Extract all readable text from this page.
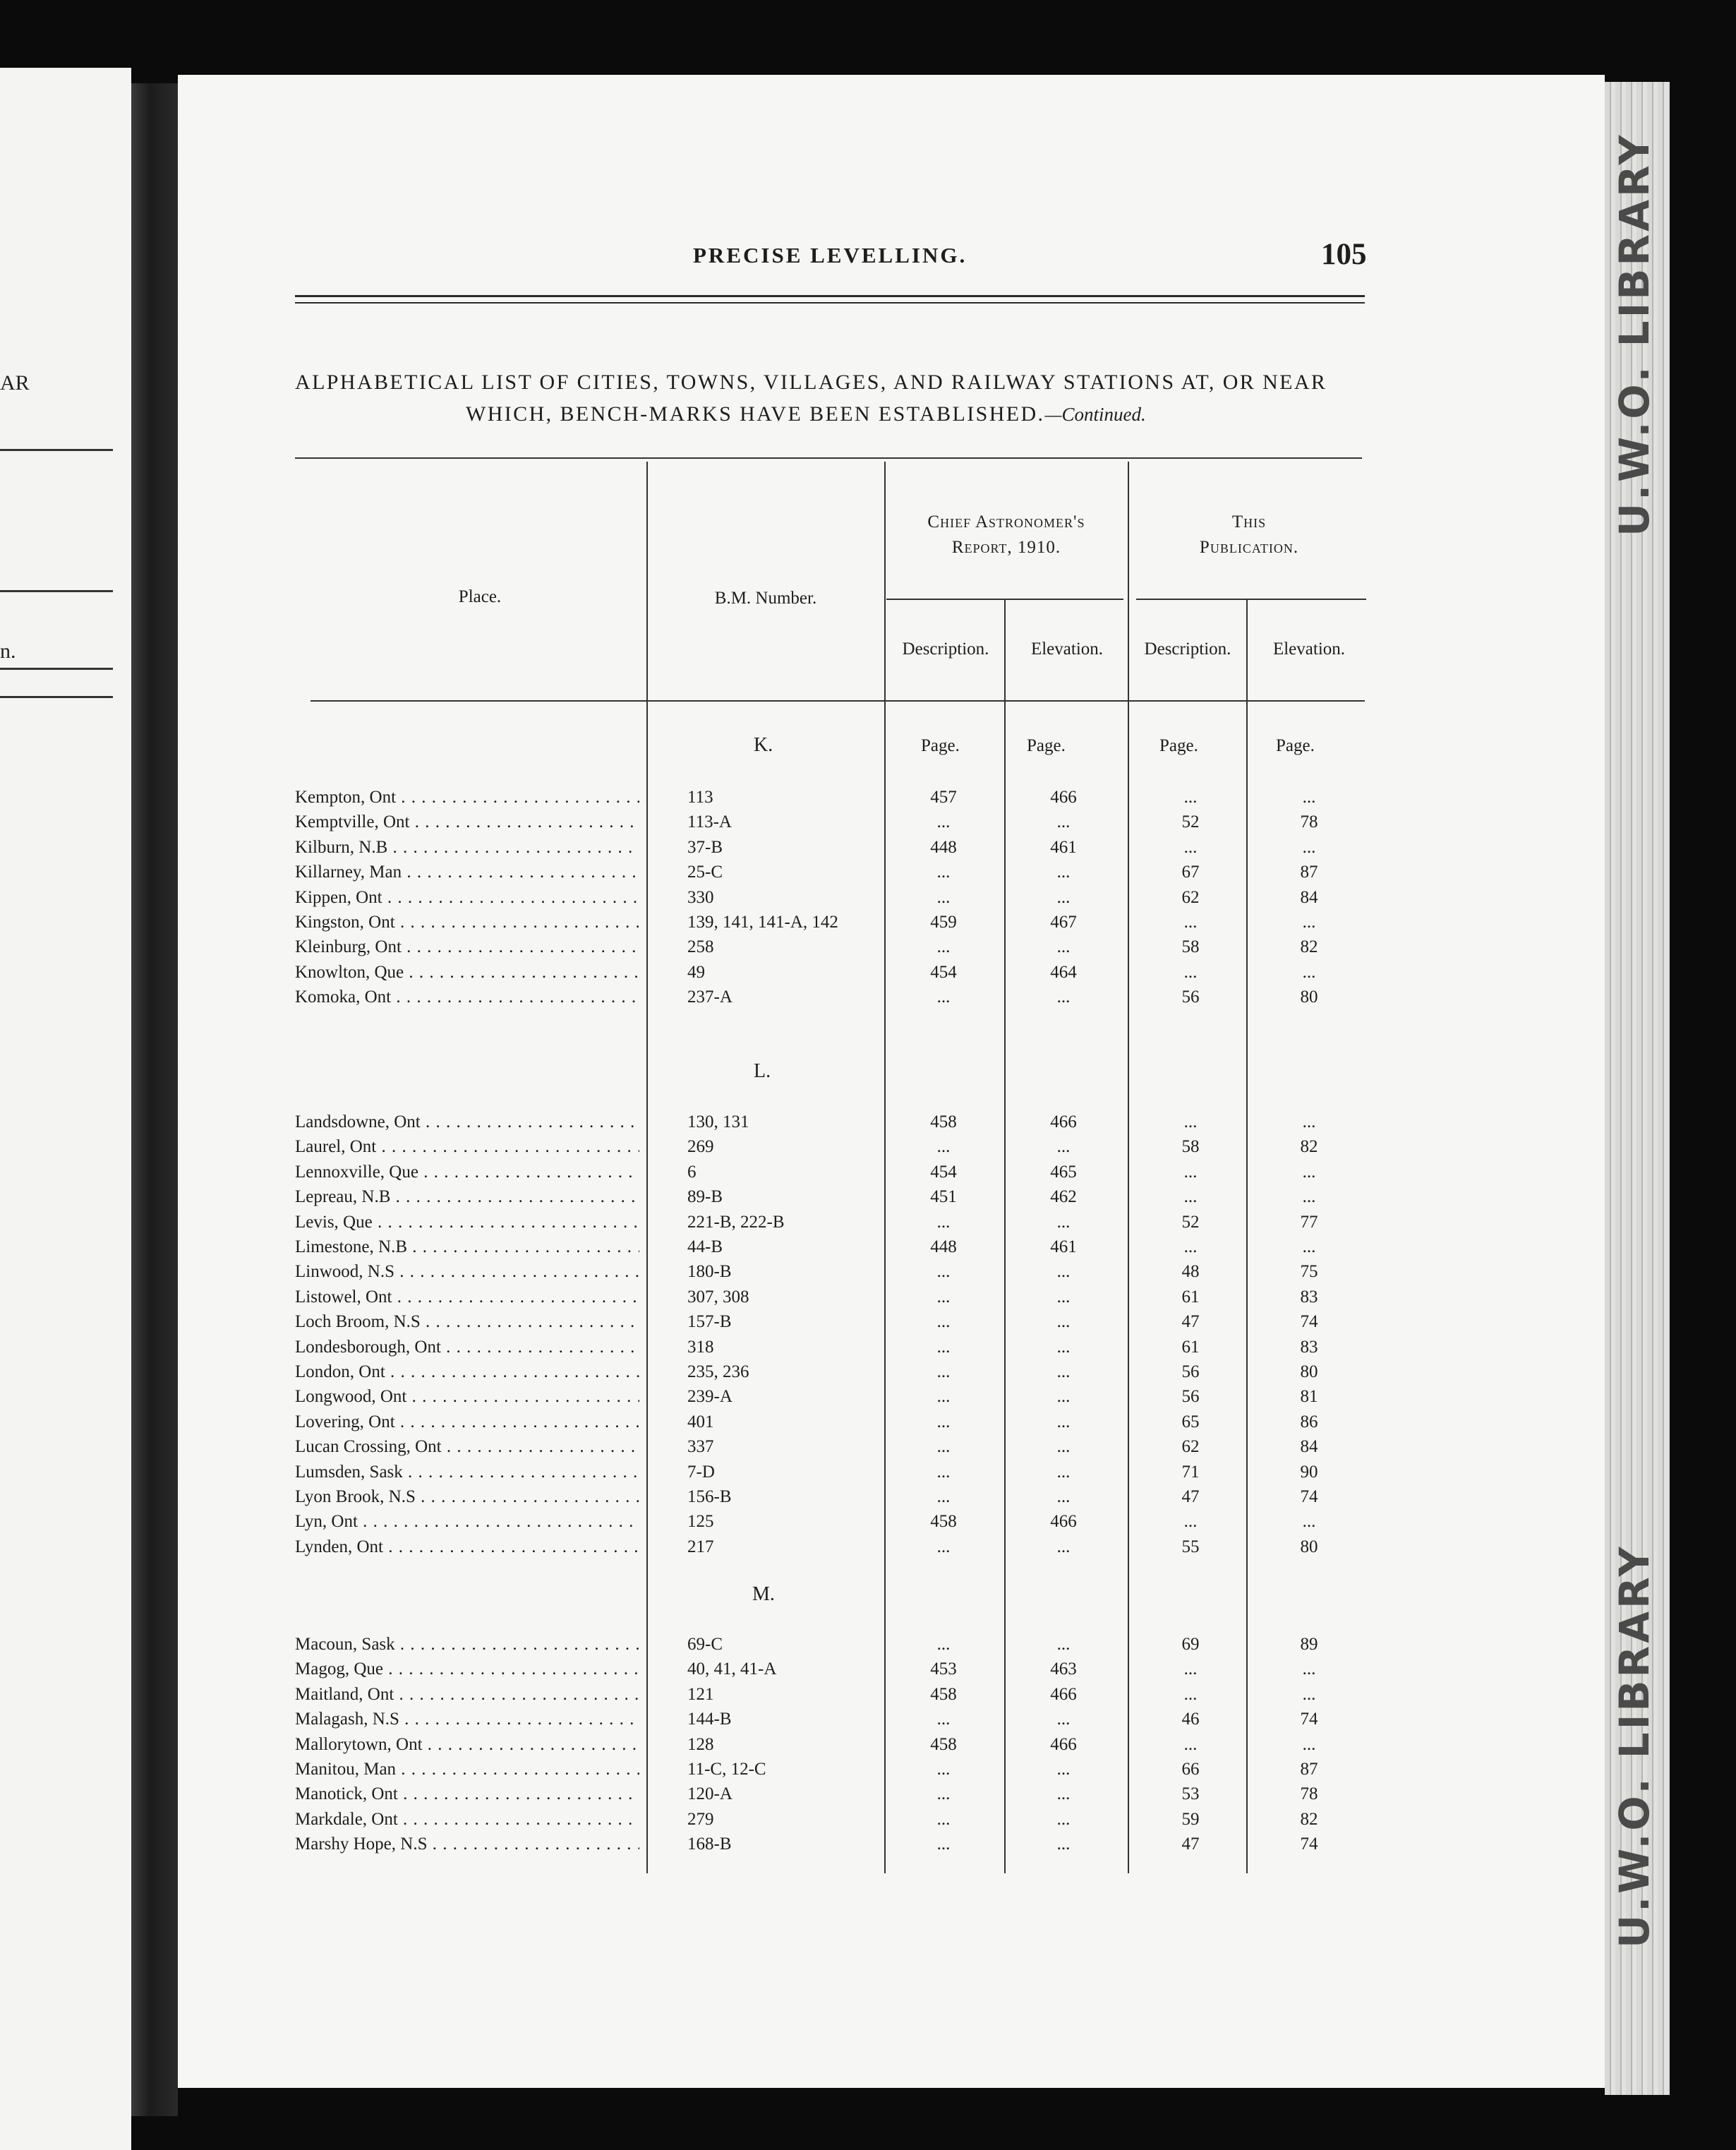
AR
n.
U.W.O. LIBRARY
U.W.O. LIBRARY
PRECISE LEVELLING.	105
ALPHABETICAL LIST OF CITIES, TOWNS, VILLAGES, AND RAILWAY STATIONS AT, OR NEAR
WHICH, BENCH-MARKS HAVE BEEN ESTABLISHED.—Continued.
Place.	B.M. Number.
Chief Astronomer's
Report, 1910.
This
Publication.
Description.	Elevation.	Description.	Elevation.
Page.	Page.	Page.	Page.
K.
L.
M.
Kempton, Ont . . .	113	457	466	...	...
Kemptville, Ont . . .	113-A	...	...	52	78
Kilburn, N.B . . .	37-B	448	461	...	...
Killarney, Man . . .	25-C	...	...	67	87
Kippen, Ont . . .	330	...	...	62	84
Kingston, Ont . . .	139, 141, 141-A, 142	459	467	...	...
Kleinburg, Ont . . .	258	...	...	58	82
Knowlton, Que . . .	49	454	464	...	...
Komoka, Ont . . .	237-A	...	...	56	80
Landsdowne, Ont . . .	130, 131	458	466	...	...
Laurel, Ont . . .	269	...	...	58	82
Lennoxville, Que . . .	6	454	465	...	...
Lepreau, N.B . . .	89-B	451	462	...	...
Levis, Que . . .	221-B, 222-B	...	...	52	77
Limestone, N.B . . .	44-B	448	461	...	...
Linwood, N.S . . .	180-B	...	...	48	75
Listowel, Ont . . .	307, 308	...	...	61	83
Loch Broom, N.S . . .	157-B	...	...	47	74
Londesborough, Ont . . .	318	...	...	61	83
London, Ont . . .	235, 236	...	...	56	80
Longwood, Ont . . .	239-A	...	...	56	81
Lovering, Ont . . .	401	...	...	65	86
Lucan Crossing, Ont . . .	337	...	...	62	84
Lumsden, Sask . . .	7-D	...	...	71	90
Lyon Brook, N.S . . .	156-B	...	...	47	74
Lyn, Ont . . .	125	458	466	...	...
Lynden, Ont . . .	217	...	...	55	80
Macoun, Sask . . .	69-C	...	...	69	89
Magog, Que . . .	40, 41, 41-A	453	463	...	...
Maitland, Ont . . .	121	458	466	...	...
Malagash, N.S . . .	144-B	...	...	46	74
Mallorytown, Ont . . .	128	458	466	...	...
Manitou, Man . . .	11-C, 12-C	...	...	66	87
Manotick, Ont . . .	120-A	...	...	53	78
Markdale, Ont . . .	279	...	...	59	82
Marshy Hope, N.S . . .	168-B	...	...	47	74
